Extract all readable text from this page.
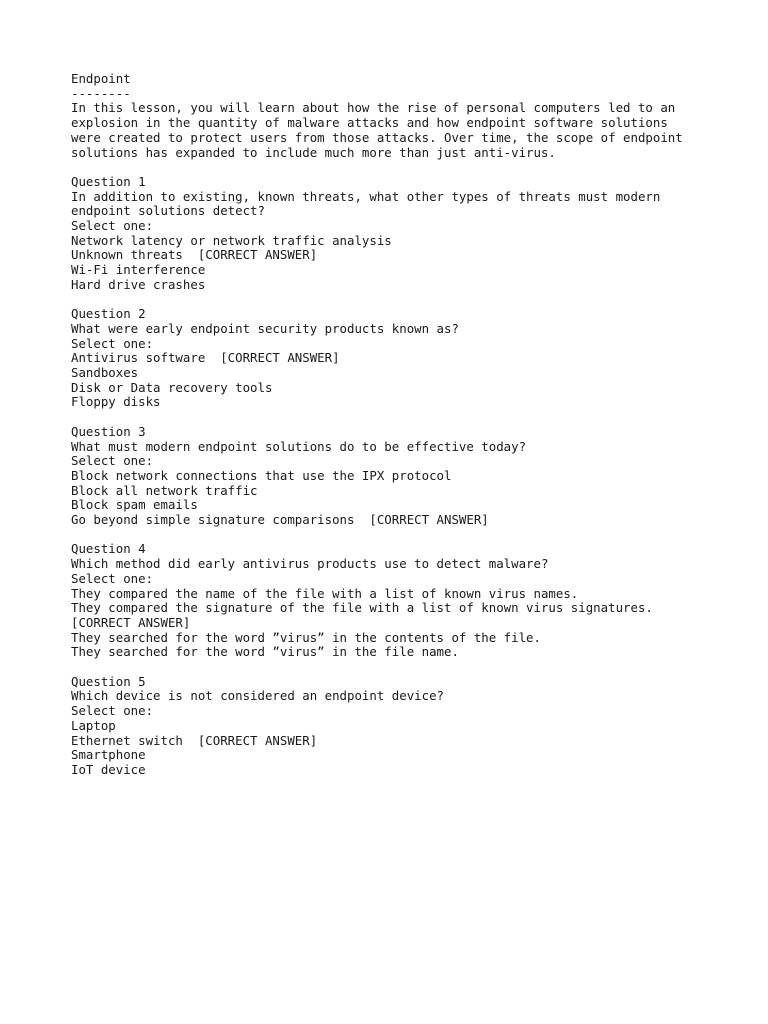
Endpoint
--------
In this lesson, you will learn about how the rise of personal computers led to an
explosion in the quantity of malware attacks and how endpoint software solutions
were created to protect users from those attacks. Over time, the scope of endpoint
solutions has expanded to include much more than just anti-virus.
Question 1
In addition to existing, known threats, what other types of threats must modern
endpoint solutions detect?
Select one:
Network latency or network traffic analysis
Unknown threats  [CORRECT ANSWER]
Wi-Fi interference
Hard drive crashes
Question 2
What were early endpoint security products known as?
Select one:
Antivirus software  [CORRECT ANSWER]
Sandboxes
Disk or Data recovery tools
Floppy disks
Question 3
What must modern endpoint solutions do to be effective today?
Select one:
Block network connections that use the IPX protocol
Block all network traffic
Block spam emails
Go beyond simple signature comparisons  [CORRECT ANSWER]
Question 4
Which method did early antivirus products use to detect malware?
Select one:
They compared the name of the file with a list of known virus names.
They compared the signature of the file with a list of known virus signatures.
[CORRECT ANSWER]
They searched for the word ”virus” in the contents of the file.
They searched for the word ”virus” in the file name.
Question 5
Which device is not considered an endpoint device?
Select one:
Laptop
Ethernet switch  [CORRECT ANSWER]
Smartphone
IoT device
